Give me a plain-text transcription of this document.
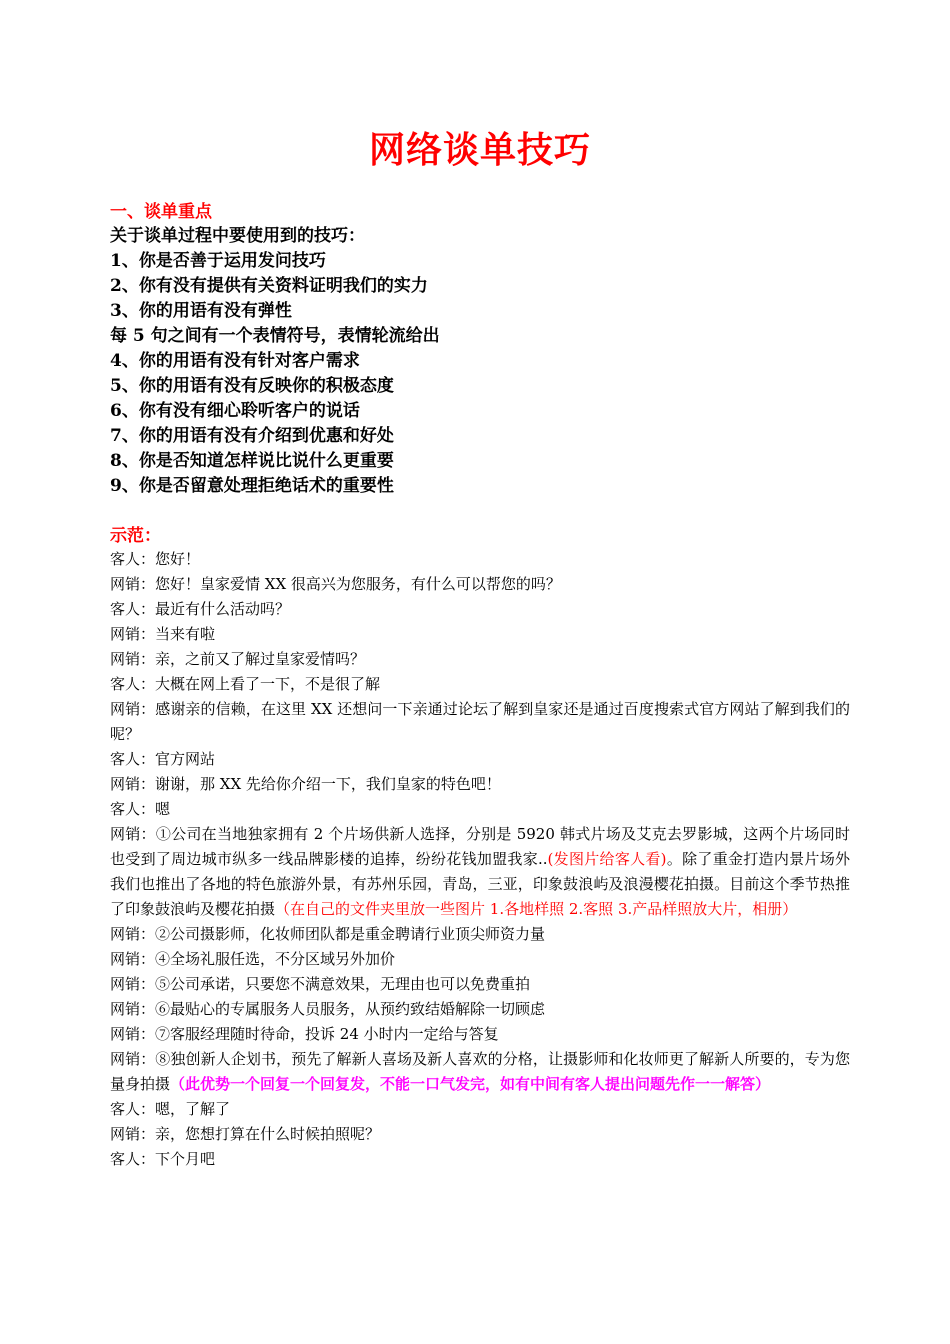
网络谈单技巧
一、谈单重点
关于谈单过程中要使用到的技巧：
1、你是否善于运用发问技巧
2、你有没有提供有关资料证明我们的实力
3、你的用语有没有弹性
每 5 句之间有一个表情符号，表情轮流给出
4、你的用语有没有针对客户需求
5、你的用语有没有反映你的积极态度
6、你有没有细心聆听客户的说话
7、你的用语有没有介绍到优惠和好处
8、你是否知道怎样说比说什么更重要
9、你是否留意处理拒绝话术的重要性
示范：
客人：您好！
网销：您好！皇家爱情 XX 很高兴为您服务，有什么可以帮您的吗？
客人：最近有什么活动吗？
网销：当来有啦
网销：亲，之前又了解过皇家爱情吗？
客人：大概在网上看了一下，不是很了解
网销：感谢亲的信赖，在这里 XX 还想问一下亲通过论坛了解到皇家还是通过百度搜索式官方网站了解到我们的呢？
客人：官方网站
网销：谢谢，那 XX 先给你介绍一下，我们皇家的特色吧！
客人：嗯
网销：①公司在当地独家拥有 2 个片场供新人选择，分别是 5920 韩式片场及艾克去罗影城，这两个片场同时也受到了周边城市纵多一线品牌影楼的追捧，纷纷花钱加盟我家..(发图片给客人看)。除了重金打造内景片场外我们也推出了各地的特色旅游外景，有苏州乐园，青岛，三亚，印象鼓浪屿及浪漫樱花拍摄。目前这个季节热推了印象鼓浪屿及樱花拍摄（在自己的文件夹里放一些图片 1.各地样照 2.客照 3.产品样照放大片，相册）
网销：②公司摄影师，化妆师团队都是重金聘请行业顶尖师资力量
网销：④全场礼服任选，不分区域另外加价
网销：⑤公司承诺，只要您不满意效果，无理由也可以免费重拍
网销：⑥最贴心的专属服务人员服务，从预约致结婚解除一切顾虑
网销：⑦客服经理随时待命，投诉 24 小时内一定给与答复
网销：⑧独创新人企划书，预先了解新人喜场及新人喜欢的分格，让摄影师和化妆师更了解新人所要的，专为您量身拍摄（此优势一个回复一个回复发，不能一口气发完，如有中间有客人提出问题先作一一解答）
客人：嗯，了解了
网销：亲，您想打算在什么时候拍照呢？
客人：下个月吧
